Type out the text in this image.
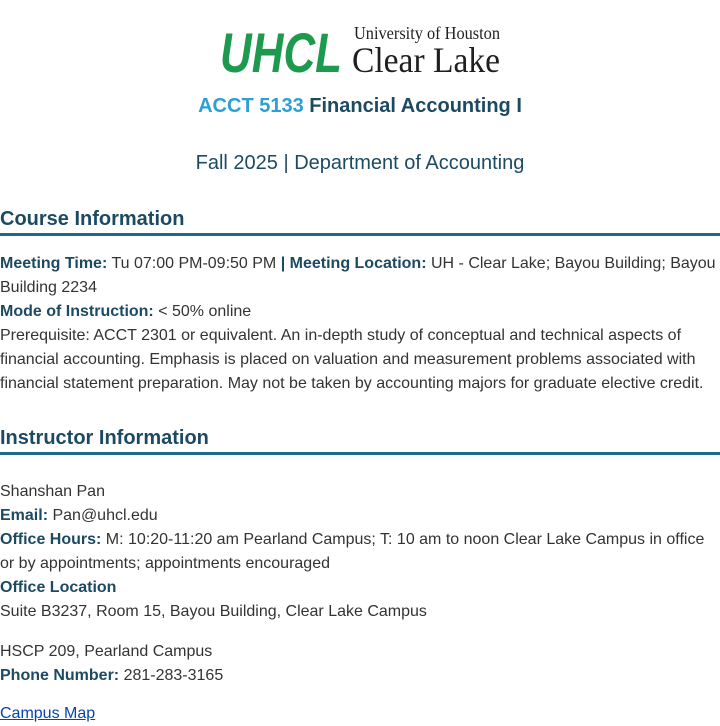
UHCL University of Houston
Clear Lake
ACCT 5133 Financial Accounting I
Fall 2025 | Department of Accounting
Course Information
Meeting Time: Tu 07:00 PM-09:50 PM | Meeting Location: UH - Clear Lake; Bayou Building; Bayou Building 2234
Mode of Instruction: < 50% online
Prerequisite: ACCT 2301 or equivalent. An in-depth study of conceptual and technical aspects of financial accounting. Emphasis is placed on valuation and measurement problems associated with financial statement preparation. May not be taken by accounting majors for graduate elective credit.
Instructor Information
Shanshan Pan
Email: Pan@uhcl.edu
Office Hours: M: 10:20-11:20 am Pearland Campus; T: 10 am to noon Clear Lake Campus in office or by appointments; appointments encouraged
Office Location
Suite B3237, Room 15, Bayou Building, Clear Lake Campus
HSCP 209, Pearland Campus
Phone Number: 281-283-3165
Campus Map
